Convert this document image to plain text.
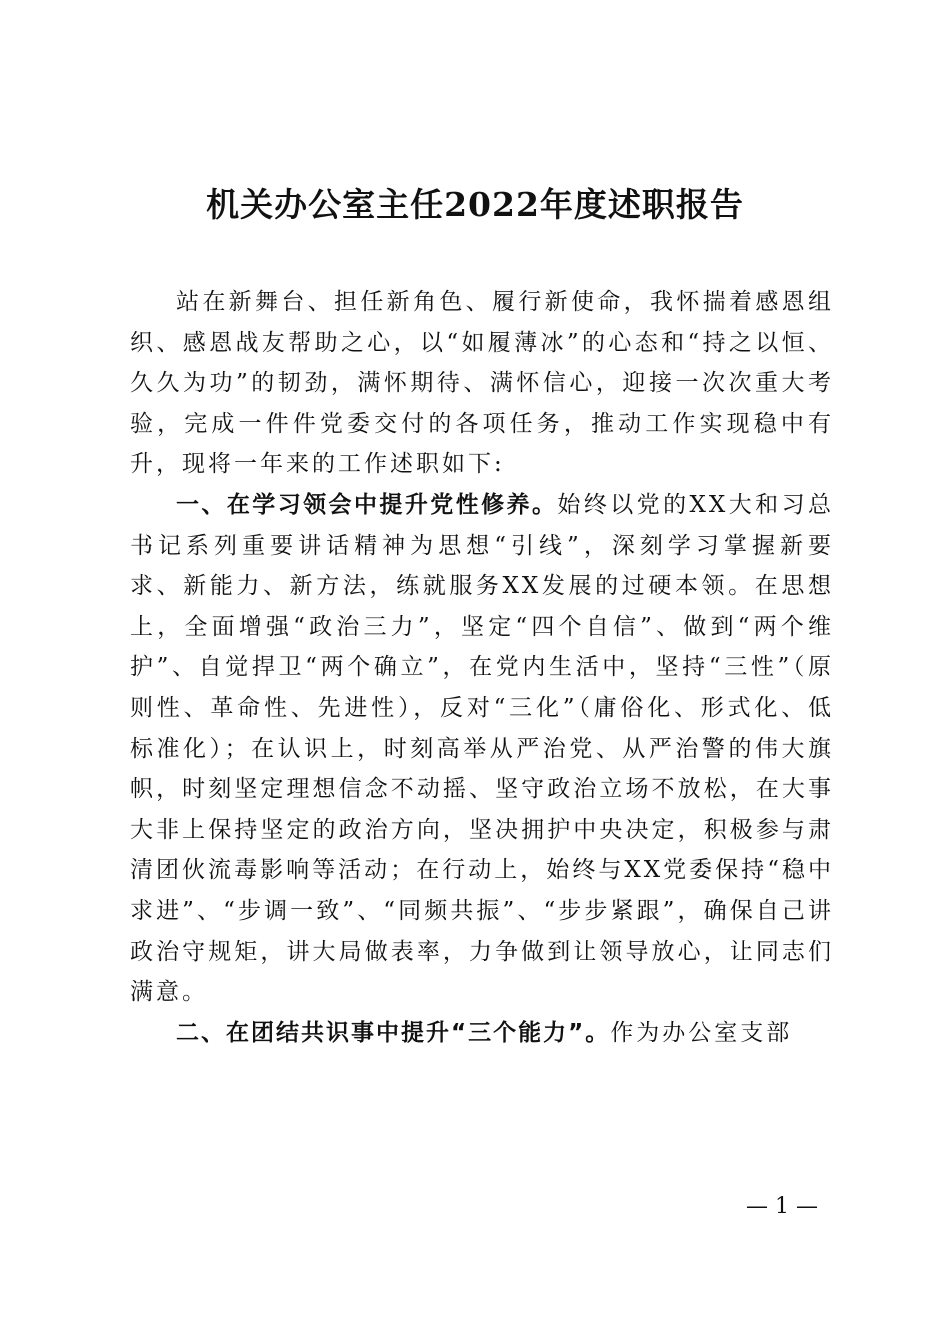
机关办公室主任2022年度述职报告

站在新舞台、担任新角色、履行新使命，我怀揣着感恩组织、感恩战友帮助之心，以“如履薄冰”的心态和“持之以恒、久久为功”的韧劲，满怀期待、满怀信心，迎接一次次重大考验，完成一件件党委交付的各项任务，推动工作实现稳中有升，现将一年来的工作述职如下:

一、在学习领会中提升党性修养。始终以党的XX大和习总书记系列重要讲话精神为思想“引线”，深刻学习掌握新要求、新能力、新方法，练就服务XX发展的过硬本领。在思想上，全面增强“政治三力”，坚定“四个自信”、做到“两个维护”、自觉捍卫“两个确立”，在党内生活中，坚持“三性”（原则性、革命性、先进性），反对“三化”（庸俗化、形式化、低标准化）；在认识上，时刻高举从严治党、从严治警的伟大旗帜，时刻坚定理想信念不动摇、坚守政治立场不放松，在大事大非上保持坚定的政治方向，坚决拥护中央决定，积极参与肃清团伙流毒影响等活动；在行动上，始终与XX党委保持“稳中求进”、“步调一致”、“同频共振”、“步步紧跟”，确保自己讲政治守规矩，讲大局做表率，力争做到让领导放心，让同志们满意。

二、在团结共识事中提升“三个能力”。作为办公室支部

— 1 —
